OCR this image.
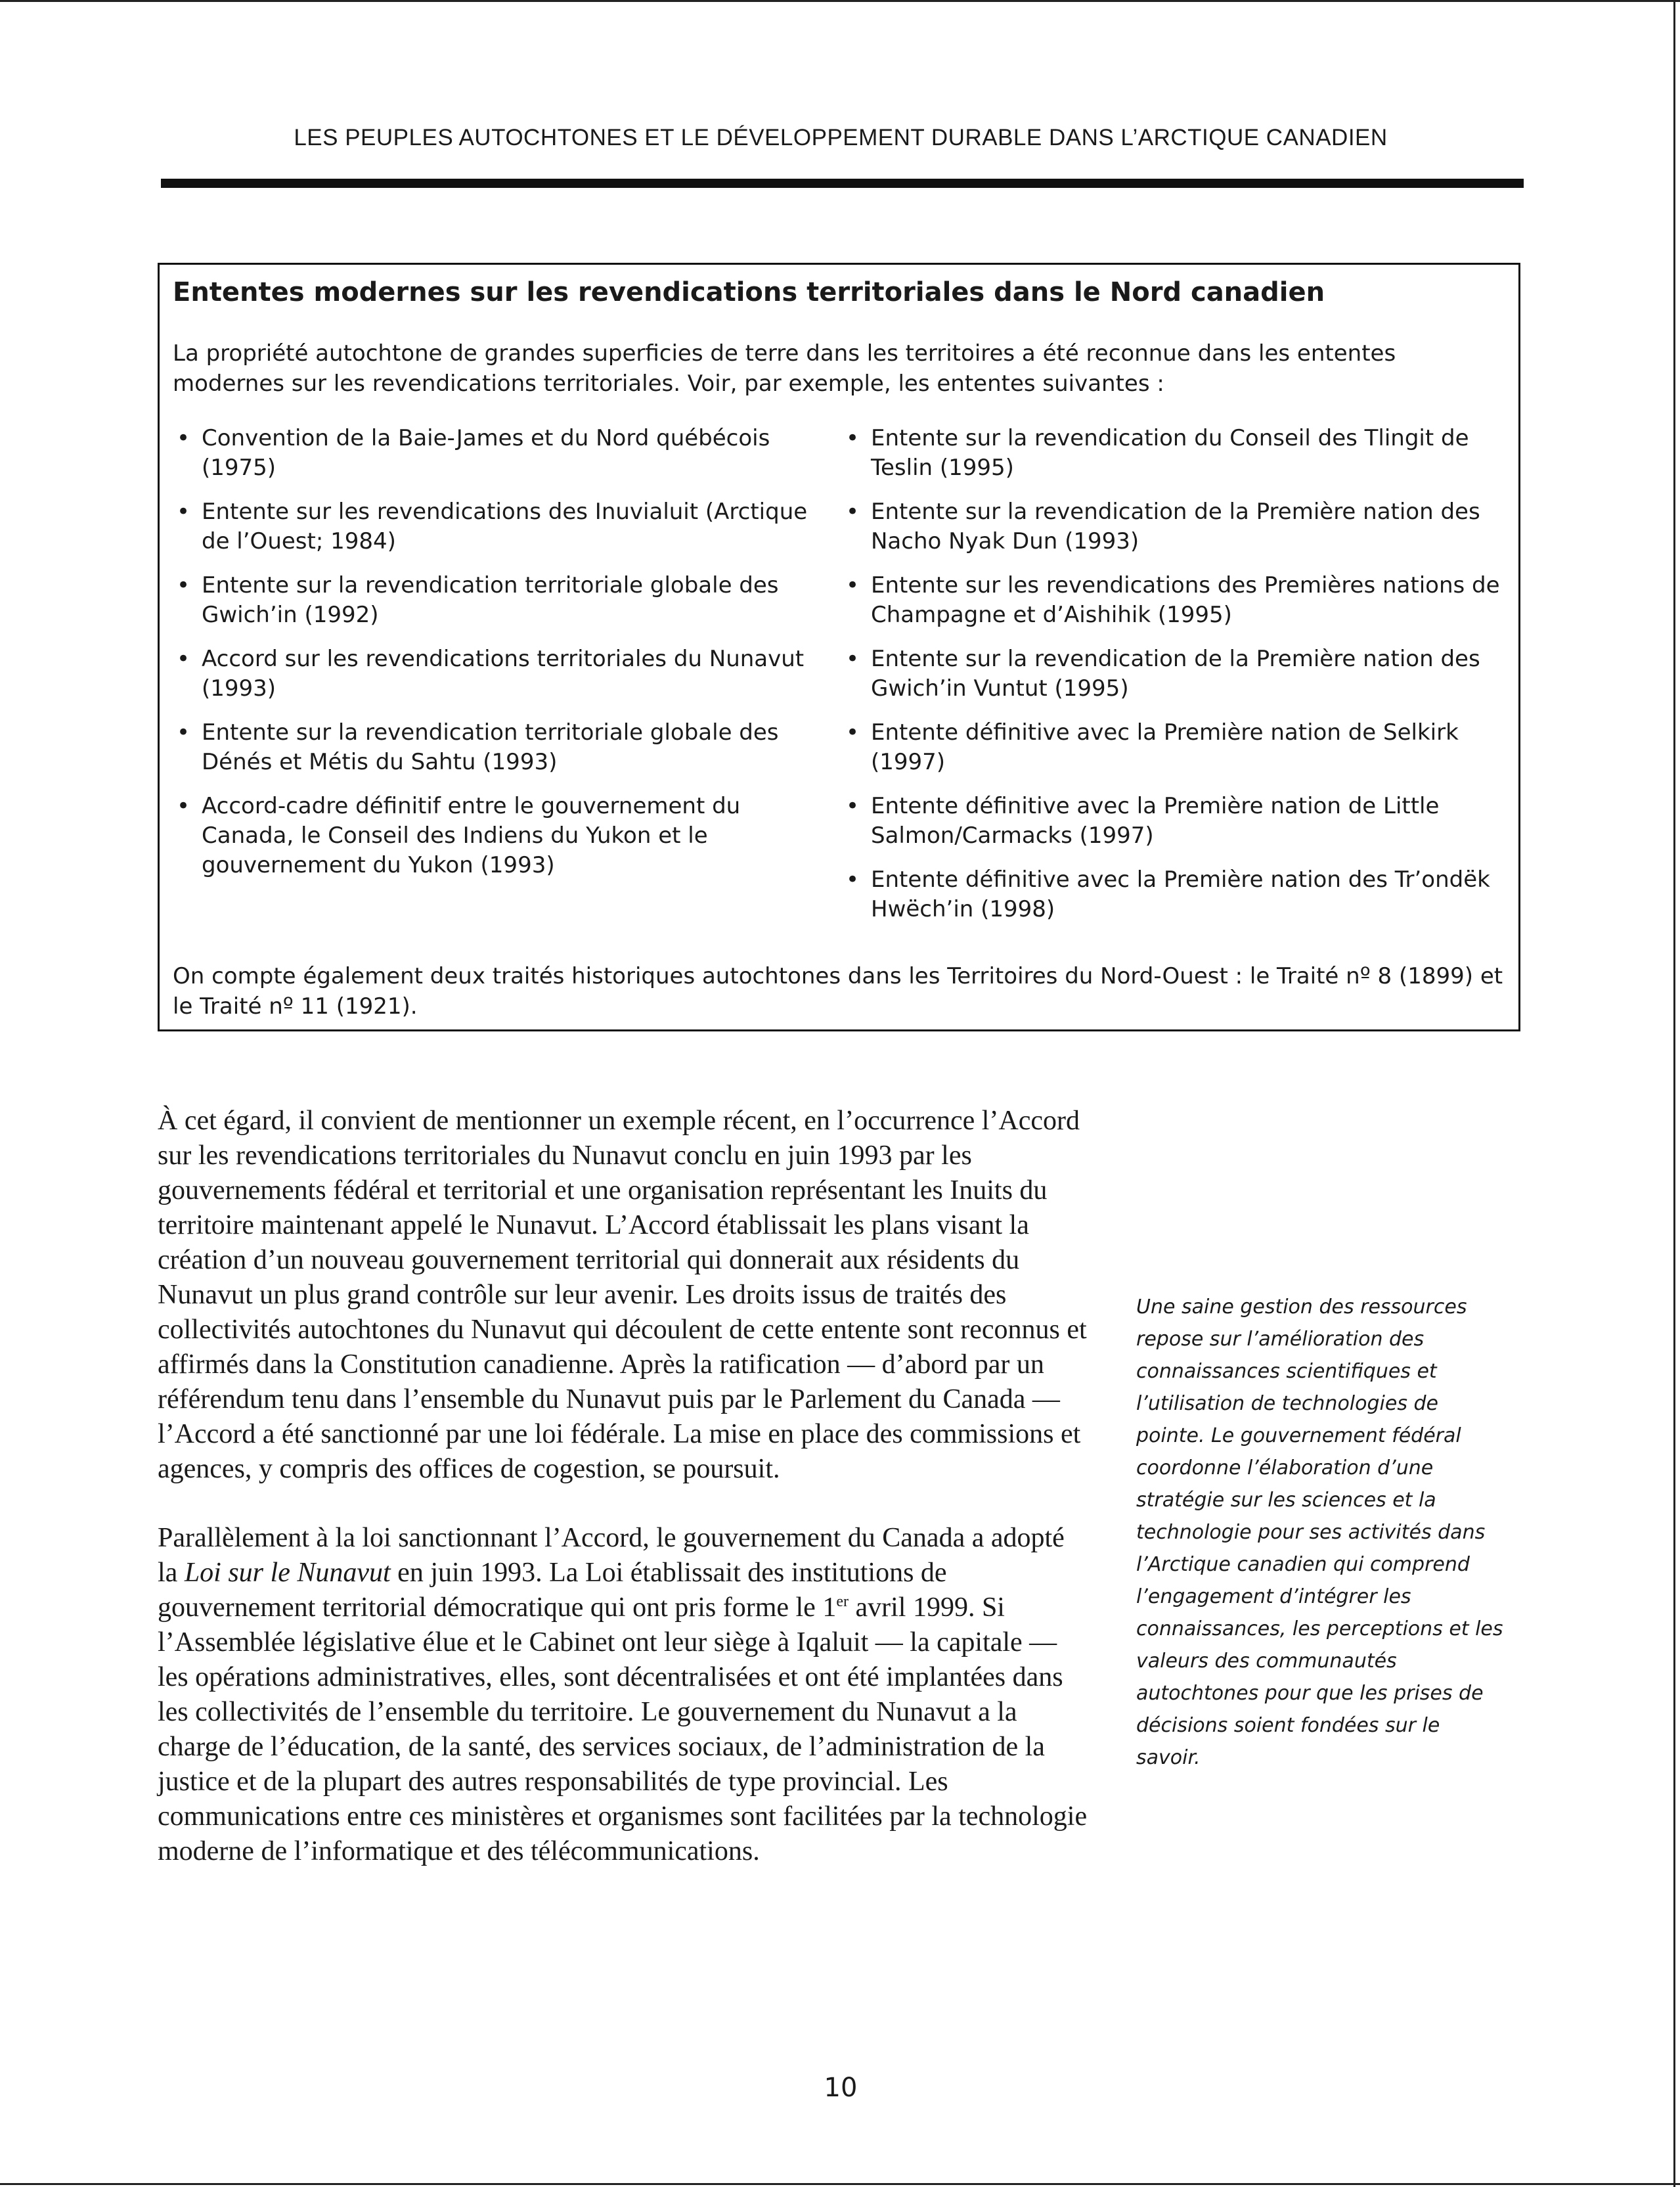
LES PEUPLES AUTOCHTONES ET LE DÉVELOPPEMENT DURABLE DANS L’ARCTIQUE CANADIEN
Ententes modernes sur les revendications territoriales dans le Nord canadien

La propriété autochtone de grandes superficies de terre dans les territoires a été reconnue dans les ententes modernes sur les revendications territoriales. Voir, par exemple, les ententes suivantes :

• Convention de la Baie-James et du Nord québécois (1975)
• Entente sur les revendications des Inuvialuit (Arctique de l’Ouest; 1984)
• Entente sur la revendication territoriale globale des Gwich’in (1992)
• Accord sur les revendications territoriales du Nunavut (1993)
• Entente sur la revendication territoriale globale des Dénés et Métis du Sahtu (1993)
• Accord-cadre définitif entre le gouvernement du Canada, le Conseil des Indiens du Yukon et le gouvernement du Yukon (1993)
• Entente sur la revendication du Conseil des Tlingit de Teslin (1995)
• Entente sur la revendication de la Première nation des Nacho Nyak Dun (1993)
• Entente sur les revendications des Premières nations de Champagne et d’Aishihik (1995)
• Entente sur la revendication de la Première nation des Gwich’in Vuntut (1995)
• Entente définitive avec la Première nation de Selkirk (1997)
• Entente définitive avec la Première nation de Little Salmon/Carmacks (1997)
• Entente définitive avec la Première nation des Tr’ondëk Hwëch’in (1998)

On compte également deux traités historiques autochtones dans les Territoires du Nord-Ouest : le Traité nº 8 (1899) et le Traité nº 11 (1921).

À cet égard, il convient de mentionner un exemple récent, en l’occurrence l’Accord sur les revendications territoriales du Nunavut conclu en juin 1993 par les gouvernements fédéral et territorial et une organisation représentant les Inuits du territoire maintenant appelé le Nunavut. L’Accord établissait les plans visant la création d’un nouveau gouvernement territorial qui donnerait aux résidents du Nunavut un plus grand contrôle sur leur avenir. Les droits issus de traités des collectivités autochtones du Nunavut qui découlent de cette entente sont reconnus et affirmés dans la Constitution canadienne. Après la ratification — d’abord par un référendum tenu dans l’ensemble du Nunavut puis par le Parlement du Canada — l’Accord a été sanctionné par une loi fédérale. La mise en place des commissions et agences, y compris des offices de cogestion, se poursuit.

Parallèlement à la loi sanctionnant l’Accord, le gouvernement du Canada a adopté la Loi sur le Nunavut en juin 1993. La Loi établissait des institutions de gouvernement territorial démocratique qui ont pris forme le 1er avril 1999. Si l’Assemblée législative élue et le Cabinet ont leur siège à Iqaluit — la capitale — les opérations administratives, elles, sont décentralisées et ont été implantées dans les collectivités de l’ensemble du territoire. Le gouvernement du Nunavut a la charge de l’éducation, de la santé, des services sociaux, de l’administration de la justice et de la plupart des autres responsabilités de type provincial. Les communications entre ces ministères et organismes sont facilitées par la technologie moderne de l’informatique et des télécommunications.

Une saine gestion des ressources repose sur l’amélioration des connaissances scientifiques et l’utilisation de technologies de pointe. Le gouvernement fédéral coordonne l’élaboration d’une stratégie sur les sciences et la technologie pour ses activités dans l’Arctique canadien qui comprend l’engagement d’intégrer les connaissances, les perceptions et les valeurs des communautés autochtones pour que les prises de décisions soient fondées sur le savoir.
10
